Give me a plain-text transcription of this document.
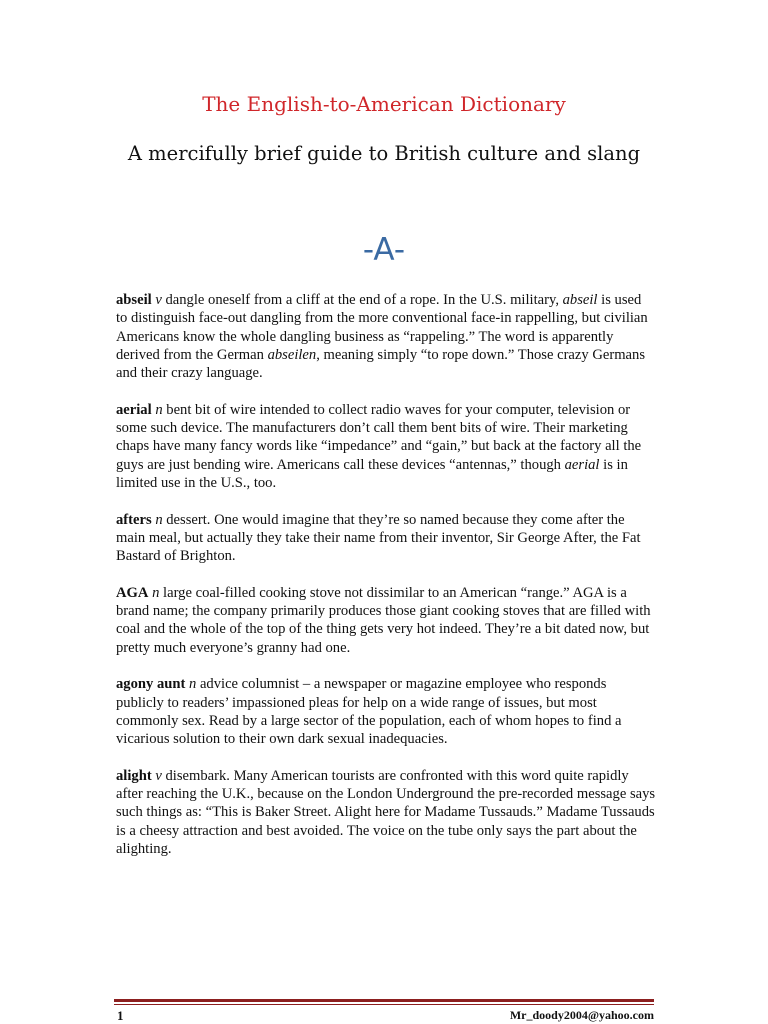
The English-to-American Dictionary
A mercifully brief guide to British culture and slang
-A-

abseil v dangle oneself from a cliff at the end of a rope. In the U.S. military, abseil is used to distinguish face-out dangling from the more conventional face-in rappelling, but civilian Americans know the whole dangling business as “rappeling.” The word is apparently derived from the German abseilen, meaning simply “to rope down.” Those crazy Germans and their crazy language.

aerial n bent bit of wire intended to collect radio waves for your computer, television or some such device. The manufacturers don’t call them bent bits of wire. Their marketing chaps have many fancy words like “impedance” and “gain,” but back at the factory all the guys are just bending wire. Americans call these devices “antennas,” though aerial is in limited use in the U.S., too.

afters n dessert. One would imagine that they’re so named because they come after the main meal, but actually they take their name from their inventor, Sir George After, the Fat Bastard of Brighton.

AGA n large coal-filled cooking stove not dissimilar to an American “range.” AGA is a brand name; the company primarily produces those giant cooking stoves that are filled with coal and the whole of the top of the thing gets very hot indeed. They’re a bit dated now, but pretty much everyone’s granny had one.

agony aunt n advice columnist – a newspaper or magazine employee who responds publicly to readers’ impassioned pleas for help on a wide range of issues, but most commonly sex. Read by a large sector of the population, each of whom hopes to find a vicarious solution to their own dark sexual inadequacies.

alight v disembark. Many American tourists are confronted with this word quite rapidly after reaching the U.K., because on the London Underground the pre-recorded message says such things as: “This is Baker Street. Alight here for Madame Tussauds.” Madame Tussauds is a cheesy attraction and best avoided. The voice on the tube only says the part about the alighting.

1	Mr_doody2004@yahoo.com
